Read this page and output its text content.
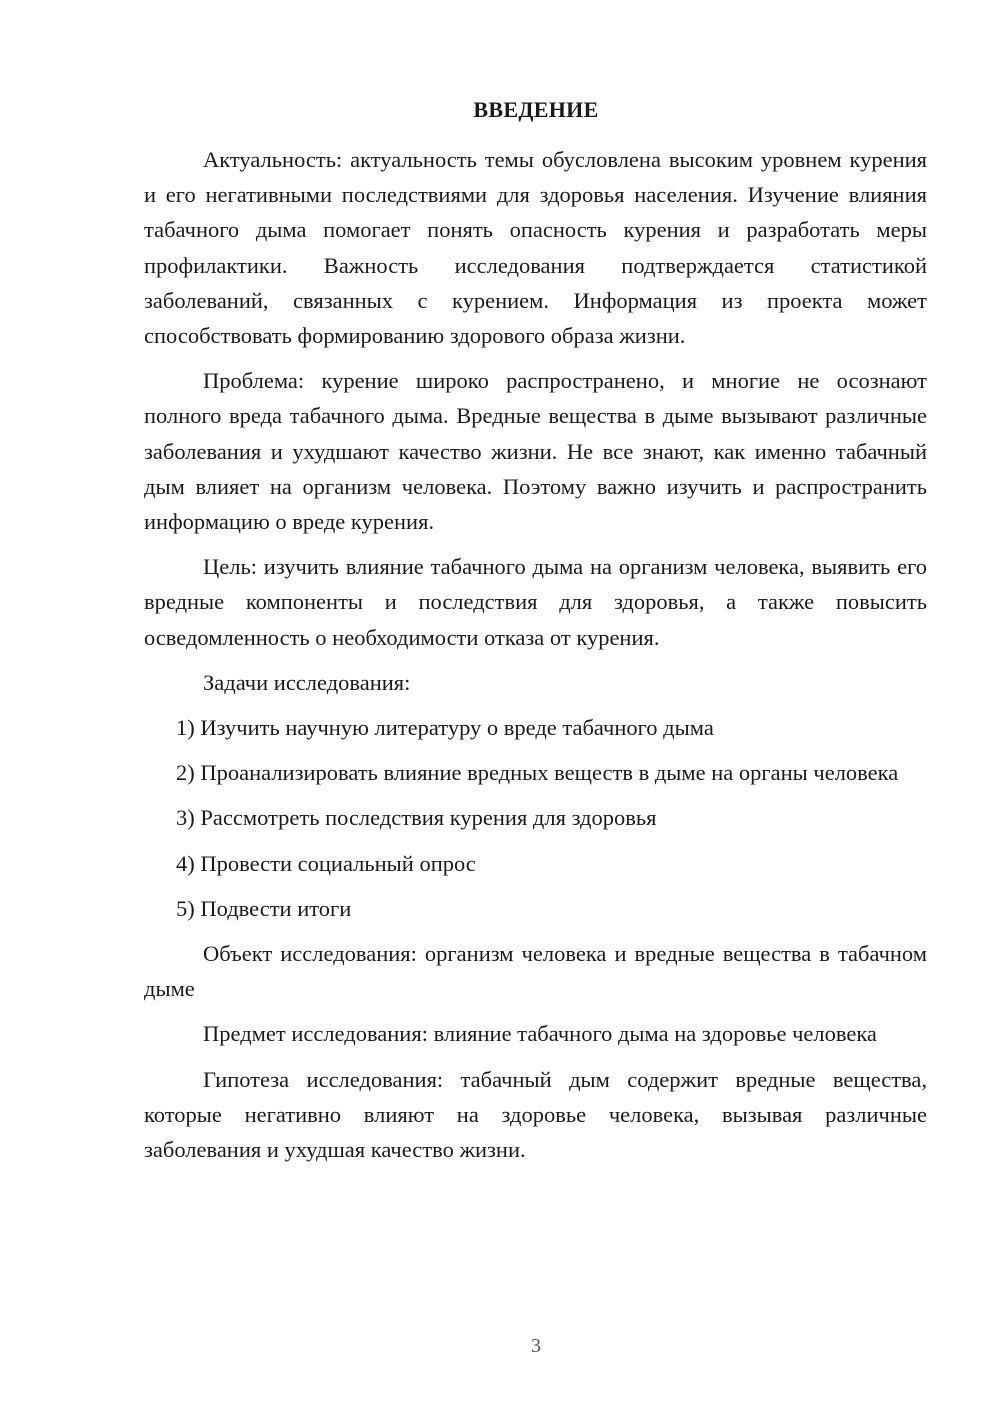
ВВЕДЕНИЕ

Актуальность: актуальность темы обусловлена высоким уровнем курения и его негативными последствиями для здоровья населения. Изучение влияния табачного дыма помогает понять опасность курения и разработать меры профилактики. Важность исследования подтверждается статистикой заболеваний, связанных с курением. Информация из проекта может способствовать формированию здорового образа жизни.

Проблема: курение широко распространено, и многие не осознают полного вреда табачного дыма. Вредные вещества в дыме вызывают различные заболевания и ухудшают качество жизни. Не все знают, как именно табачный дым влияет на организм человека. Поэтому важно изучить и распространить информацию о вреде курения.

Цель: изучить влияние табачного дыма на организм человека, выявить его вредные компоненты и последствия для здоровья, а также повысить осведомленность о необходимости отказа от курения.

Задачи исследования:

1) Изучить научную литературу о вреде табачного дыма

2) Проанализировать влияние вредных веществ в дыме на органы человека

3) Рассмотреть последствия курения для здоровья

4) Провести социальный опрос

5) Подвести итоги

Объект исследования: организм человека и вредные вещества в табачном дыме

Предмет исследования: влияние табачного дыма на здоровье человека

Гипотеза исследования: табачный дым содержит вредные вещества, которые негативно влияют на здоровье человека, вызывая различные заболевания и ухудшая качество жизни.

3
